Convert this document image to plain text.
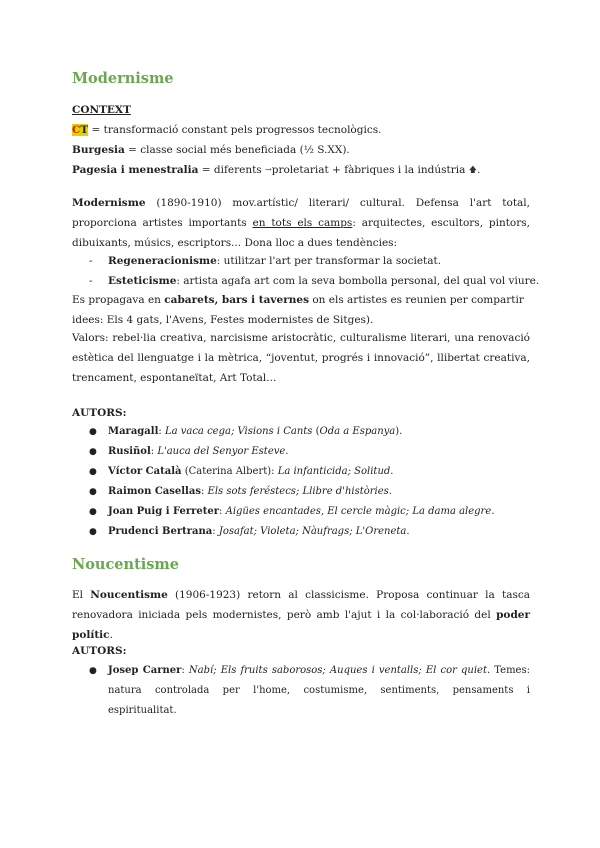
Modernisme
CONTEXT
CT = transformació constant pels progressos tecnològics.
Burgesia = classe social més beneficiada (½ S.XX).
Pagesia i menestralia = diferents →proletariat + fàbriques i la indústria 🡅.
Modernisme (1890-1910) mov.artístic/ literari/ cultural. Defensa l'art total, proporciona artistes importants en tots els camps: arquitectes, escultors, pintors, dibuixants, músics, escriptors... Dona lloc a dues tendències:
- Regeneracionisme: utilitzar l'art per transformar la societat.
- Esteticisme: artista agafa art com la seva bombolla personal, del qual vol viure.
Es propagava en cabarets, bars i tavernes on els artistes es reunien per compartir idees: Els 4 gats, l'Avens, Festes modernistes de Sitges).
Valors: rebel·lia creativa, narcisisme aristocràtic, culturalisme literari, una renovació estètica del llenguatge i la mètrica, “joventut, progrés i innovació”, llibertat creativa, trencament, espontaneïtat, Art Total...
AUTORS:
● Maragall: La vaca cega; Visions i Cants (Oda a Espanya).
● Rusiñol: L'auca del Senyor Esteve.
● Víctor Català (Caterina Albert): La infanticida; Solitud.
● Raimon Casellas: Els sots feréstecs; Llibre d'històries.
● Joan Puig i Ferreter: Aigües encantades, El cercle màgic; La dama alegre.
● Prudenci Bertrana: Josafat; Violeta; Nàufrags; L'Oreneta.
Noucentisme
El Noucentisme (1906-1923) retorn al classicisme. Proposa continuar la tasca renovadora iniciada pels modernistes, però amb l'ajut i la col·laboració del poder polític.
AUTORS:
● Josep Carner: Nabí; Els fruits saborosos; Auques i ventalls; El cor quiet. Temes: natura controlada per l'home, costumisme, sentiments, pensaments i espiritualitat.
